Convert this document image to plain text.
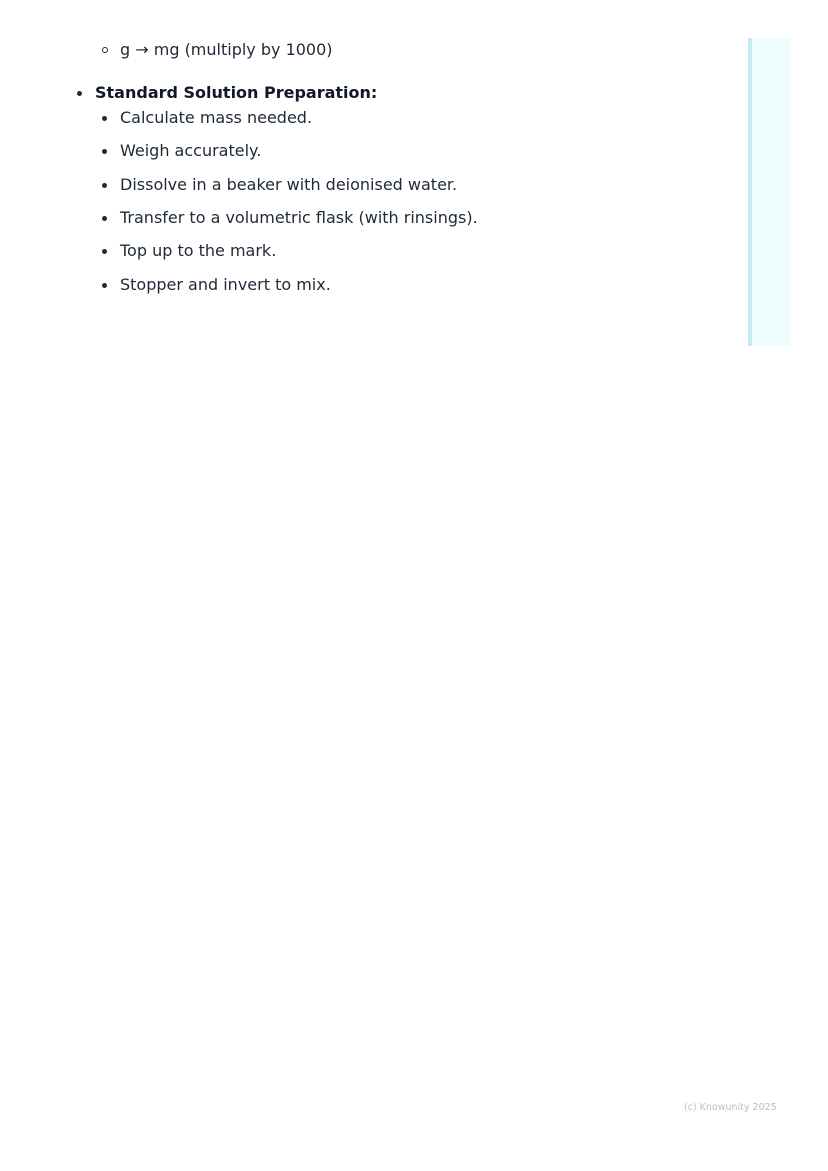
g → mg (multiply by 1000)
Standard Solution Preparation:
Calculate mass needed.
Weigh accurately.
Dissolve in a beaker with deionised water.
Transfer to a volumetric flask (with rinsings).
Top up to the mark.
Stopper and invert to mix.
(c) Knowunity 2025
